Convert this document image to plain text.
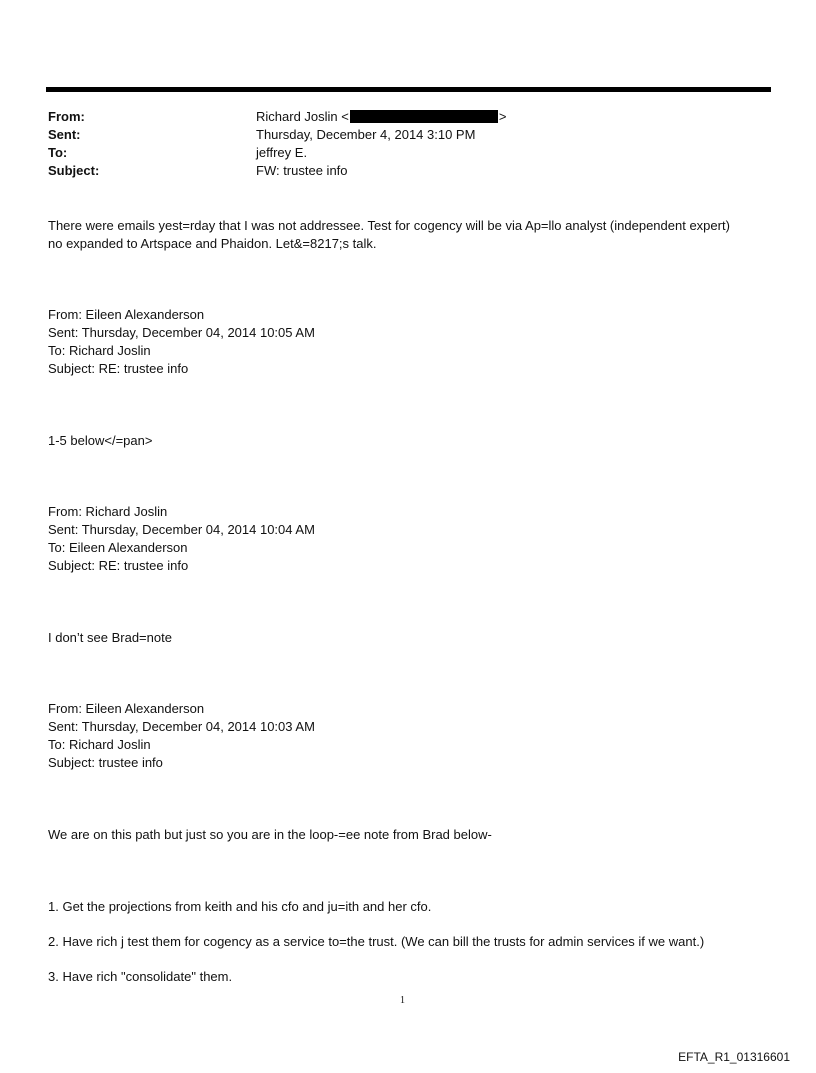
From:	Richard Joslin <	>
Sent:	Thursday, December 4, 2014 3:10 PM
To:	jeffrey E.
Subject:	FW: trustee info
There were emails yest=rday that I was not addressee. Test for cogency will be via Ap=llo analyst (independent expert)
no expanded to Artspace and Phaidon. Let&=8217;s talk.
From: Eileen Alexanderson
Sent: Thursday, December 04, 2014 10:05 AM
To: Richard Joslin
Subject: RE: trustee info
1-5 below</=pan>
From: Richard Joslin
Sent: Thursday, December 04, 2014 10:04 AM
To: Eileen Alexanderson
Subject: RE: trustee info
I don’t see Brad=note
From: Eileen Alexanderson
Sent: Thursday, December 04, 2014 10:03 AM
To: Richard Joslin
Subject: trustee info
We are on this path but just so you are in the loop-=ee note from Brad below-
1. Get the projections from keith and his cfo and ju=ith and her cfo.
2. Have rich j test them for cogency as a service to=the trust. (We can bill the trusts for admin services if we want.)
3. Have rich "consolidate" them.
1
EFTA_R1_01316601
